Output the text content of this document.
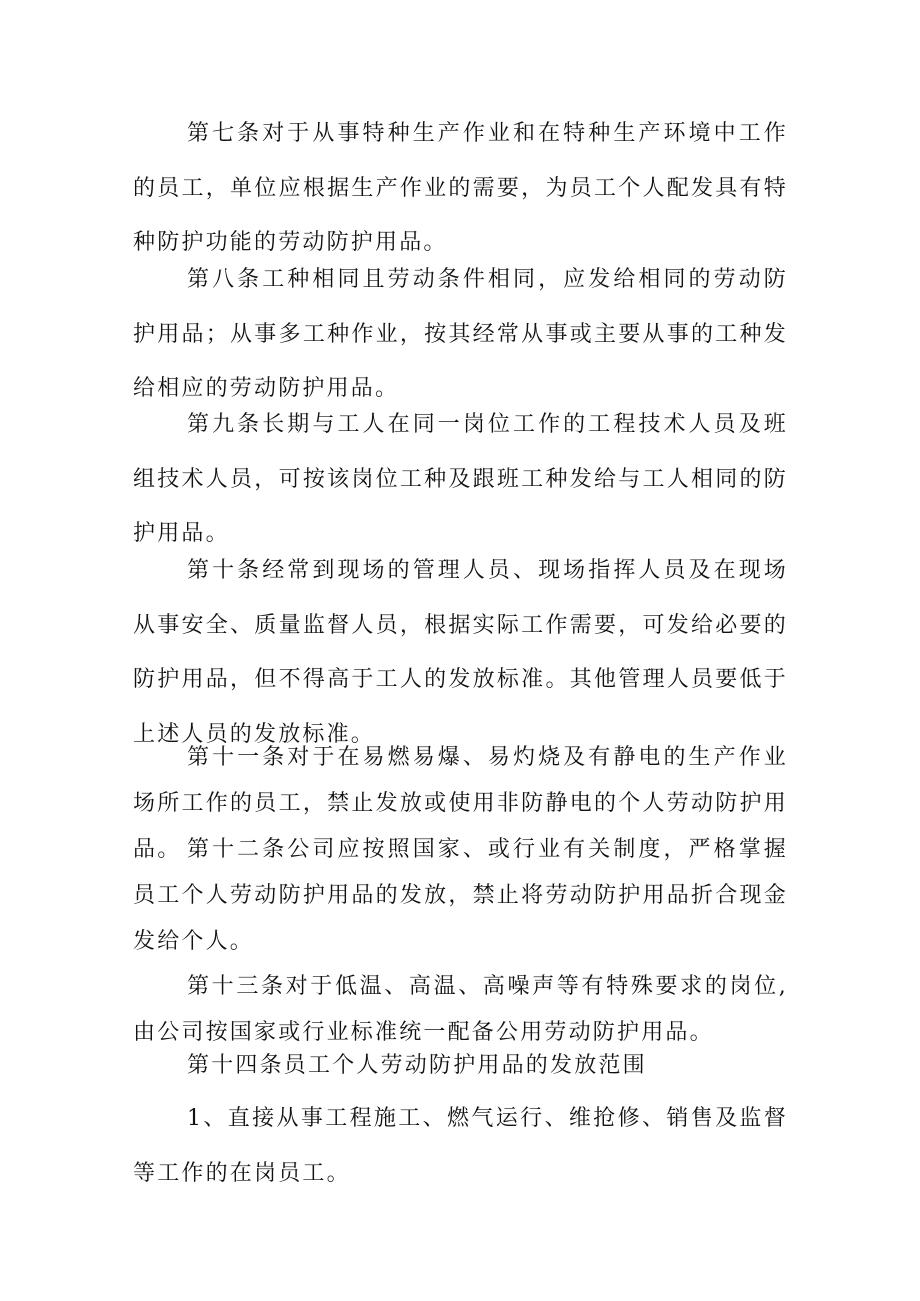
第七条对于从事特种生产作业和在特种生产环境中工作的员工，单位应根据生产作业的需要，为员工个人配发具有特种防护功能的劳动防护用品。

第八条工种相同且劳动条件相同，应发给相同的劳动防护用品；从事多工种作业，按其经常从事或主要从事的工种发给相应的劳动防护用品。

第九条长期与工人在同一岗位工作的工程技术人员及班组技术人员，可按该岗位工种及跟班工种发给与工人相同的防护用品。

第十条经常到现场的管理人员、现场指挥人员及在现场从事安全、质量监督人员，根据实际工作需要，可发给必要的防护用品，但不得高于工人的发放标准。其他管理人员要低于上述人员的发放标准。

第十一条对于在易燃易爆、易灼烧及有静电的生产作业场所工作的员工，禁止发放或使用非防静电的个人劳动防护用品。 第十二条公司应按照国家、或行业有关制度，严格掌握员工个人劳动防护用品的发放，禁止将劳动防护用品折合现金发给个人。

第十三条对于低温、高温、高噪声等有特殊要求的岗位,由公司按国家或行业标准统一配备公用劳动防护用品。

第十四条员工个人劳动防护用品的发放范围

1、直接从事工程施工、燃气运行、维抢修、销售及监督等工作的在岗员工。
